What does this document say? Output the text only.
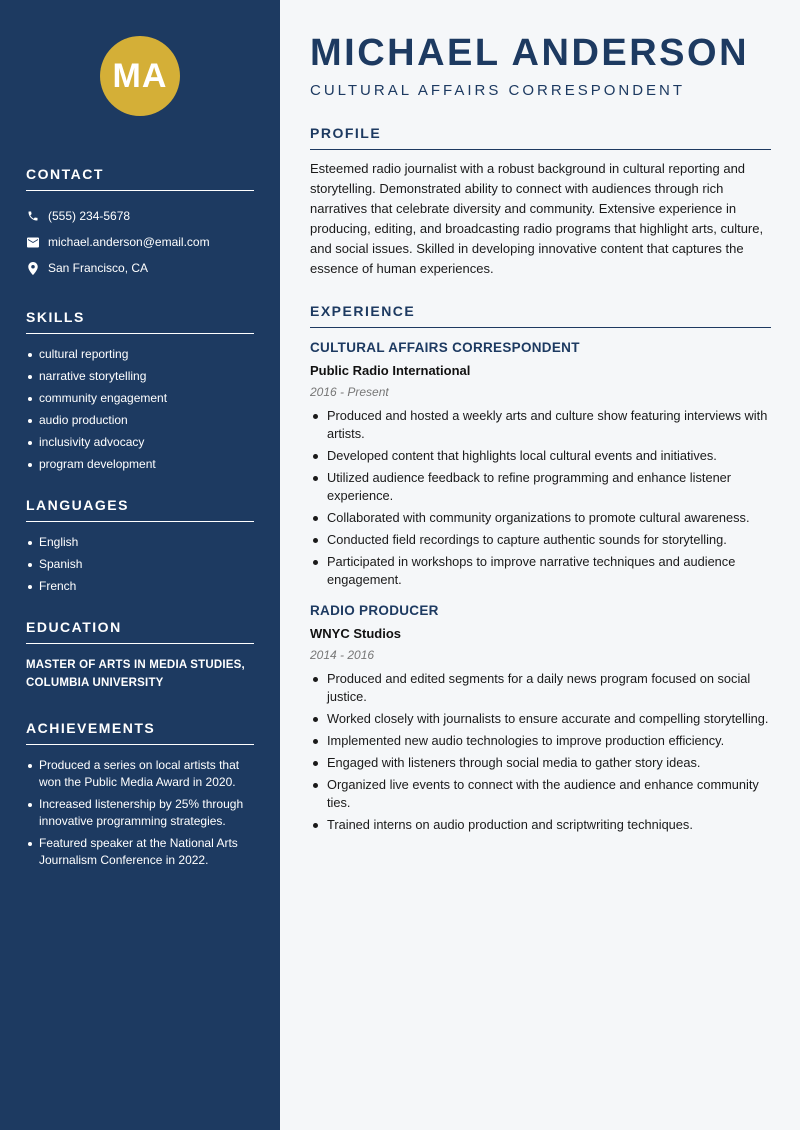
MA
CONTACT
(555) 234-5678
michael.anderson@email.com
San Francisco, CA
SKILLS
cultural reporting
narrative storytelling
community engagement
audio production
inclusivity advocacy
program development
LANGUAGES
English
Spanish
French
EDUCATION
MASTER OF ARTS IN MEDIA STUDIES, COLUMBIA UNIVERSITY
ACHIEVEMENTS
Produced a series on local artists that won the Public Media Award in 2020.
Increased listenership by 25% through innovative programming strategies.
Featured speaker at the National Arts Journalism Conference in 2022.
MICHAEL ANDERSON
CULTURAL AFFAIRS CORRESPONDENT
PROFILE

Esteemed radio journalist with a robust background in cultural reporting and storytelling. Demonstrated ability to connect with audiences through rich narratives that celebrate diversity and community. Extensive experience in producing, editing, and broadcasting radio programs that highlight arts, culture, and social issues. Skilled in developing innovative content that captures the essence of human experiences.

EXPERIENCE
CULTURAL AFFAIRS CORRESPONDENT
Public Radio International
2016 - Present
Produced and hosted a weekly arts and culture show featuring interviews with artists.
Developed content that highlights local cultural events and initiatives.
Utilized audience feedback to refine programming and enhance listener experience.
Collaborated with community organizations to promote cultural awareness.
Conducted field recordings to capture authentic sounds for storytelling.
Participated in workshops to improve narrative techniques and audience engagement.
RADIO PRODUCER
WNYC Studios
2014 - 2016
Produced and edited segments for a daily news program focused on social justice.
Worked closely with journalists to ensure accurate and compelling storytelling.
Implemented new audio technologies to improve production efficiency.
Engaged with listeners through social media to gather story ideas.
Organized live events to connect with the audience and enhance community ties.
Trained interns on audio production and scriptwriting techniques.
